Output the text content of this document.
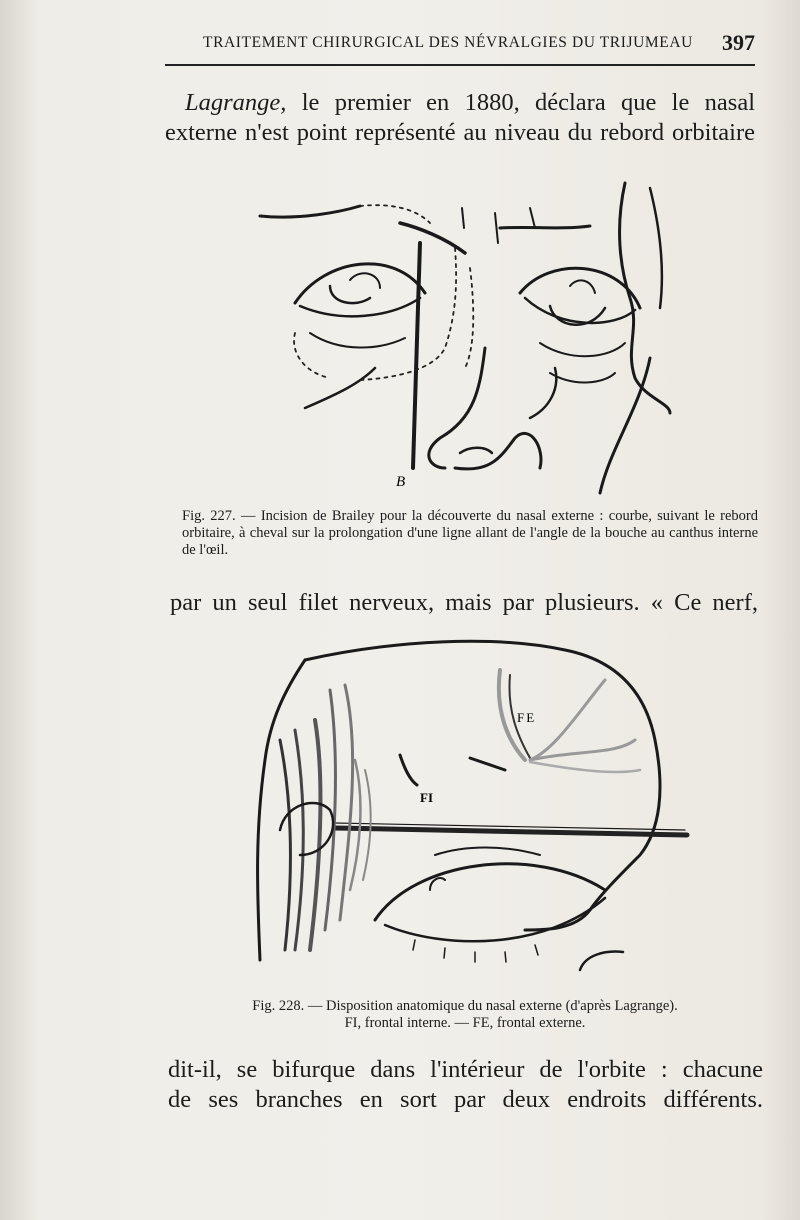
TRAITEMENT CHIRURGICAL DES NÉVRALGIES DU TRIJUMEAU 397
Lagrange, le premier en 1880, déclara que le nasal
externe n'est point représenté au niveau du rebord orbitaire
B
Fig. 227. — Incision de Brailey pour la découverte du nasal externe : courbe, suivant le rebord orbitaire, à cheval sur la prolongation d'une ligne allant de l'angle de la bouche au canthus interne de l'œil.
par un seul filet nerveux, mais par plusieurs. « Ce nerf,
FE
FI
Fig. 228. — Disposition anatomique du nasal externe (d'après Lagrange).
FI, frontal interne. — FE, frontal externe.
dit-il, se bifurque dans l'intérieur de l'orbite : chacune
de ses branches en sort par deux endroits différents.
